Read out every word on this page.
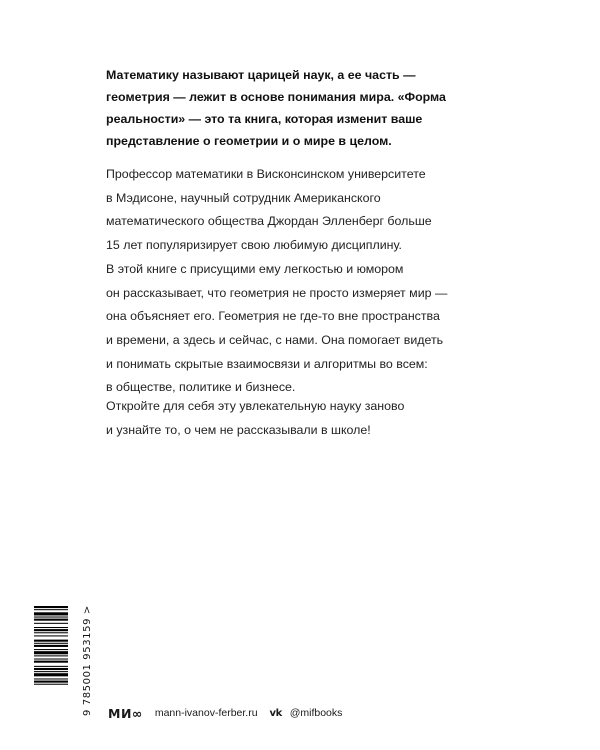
Математику называют царицей наук, а ее часть —
геометрия — лежит в основе понимания мира. «Форма
реальности» — это та книга, которая изменит ваше
представление о геометрии и о мире в целом.
Профессор математики в Висконсинском университете
в Мэдисоне, научный сотрудник Американского
математического общества Джордан Элленберг больше
15 лет популяризирует свою любимую дисциплину.
В этой книге с присущими ему легкостью и юмором
он рассказывает, что геометрия не просто измеряет мир —
она объясняет его. Геометрия не где-то вне пространства
и времени, а здесь и сейчас, с нами. Она помогает видеть
и понимать скрытые взаимосвязи и алгоритмы во всем:
в обществе, политике и бизнесе.
Откройте для себя эту увлекательную науку заново
и узнайте то, о чем не рассказывали в школе!
9 785001 953159 > МИ∞ mann-ivanov-ferber.ru vk @mifbooks
